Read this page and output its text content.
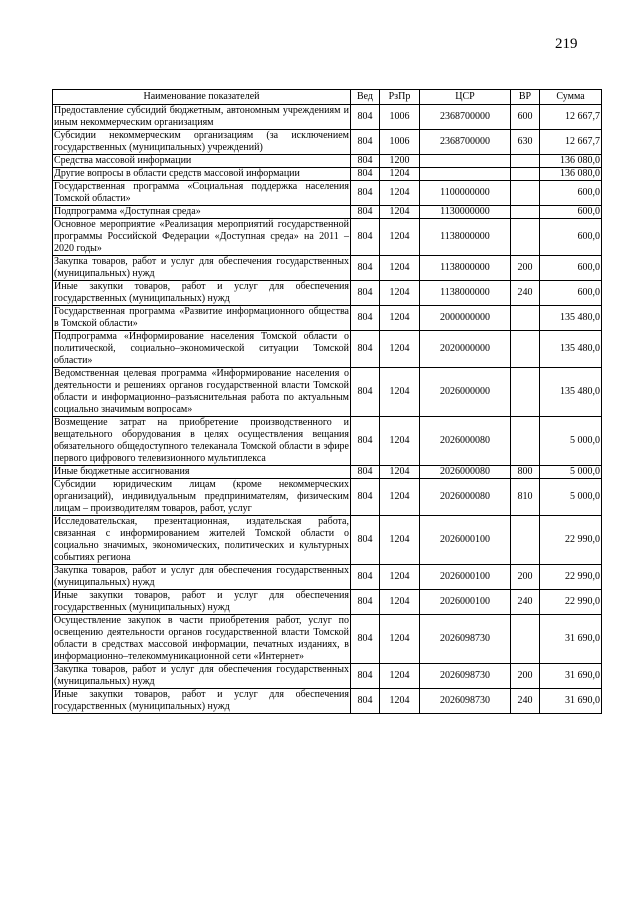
219
Наименование показателей	Вед	РзПр	ЦСР	ВР	Сумма
Предоставление субсидий бюджетным, автономным учреждениям и иным некоммерческим организациям	804	1006	2368700000	600	12 667,7
Субсидии некоммерческим организациям (за исключением государственных (муниципальных) учреждений)	804	1006	2368700000	630	12 667,7
Средства массовой информации	804	1200			136 080,0
Другие вопросы в области средств массовой информации	804	1204			136 080,0
Государственная программа «Социальная поддержка населения Томской области»	804	1204	1100000000		600,0
Подпрограмма «Доступная среда»	804	1204	1130000000		600,0
Основное мероприятие «Реализация мероприятий государственной программы Российской Федерации «Доступная среда» на 2011 – 2020 годы»	804	1204	1138000000		600,0
Закупка товаров, работ и услуг для обеспечения государственных (муниципальных) нужд	804	1204	1138000000	200	600,0
Иные закупки товаров, работ и услуг для обеспечения государственных (муниципальных) нужд	804	1204	1138000000	240	600,0
Государственная программа «Развитие информационного общества в Томской области»	804	1204	2000000000		135 480,0
Подпрограмма «Информирование населения Томской области о политической, социально–экономической ситуации Томской области»	804	1204	2020000000		135 480,0
Ведомственная целевая программа «Информирование населения о деятельности и решениях органов государственной власти Томской области и информационно–разъяснительная работа по актуальным социально значимым вопросам»	804	1204	2026000000		135 480,0
Возмещение затрат на приобретение производственного и вещательного оборудования в целях осуществления вещания обязательного общедоступного телеканала Томской области в эфире первого цифрового телевизионного мультиплекса	804	1204	2026000080		5 000,0
Иные бюджетные ассигнования	804	1204	2026000080	800	5 000,0
Субсидии юридическим лицам (кроме некоммерческих организаций), индивидуальным предпринимателям, физическим лицам – производителям товаров, работ, услуг	804	1204	2026000080	810	5 000,0
Исследовательская, презентационная, издательская работа, связанная с информированием жителей Томской области о социально значимых, экономических, политических и культурных событиях региона	804	1204	2026000100		22 990,0
Закупка товаров, работ и услуг для обеспечения государственных (муниципальных) нужд	804	1204	2026000100	200	22 990,0
Иные закупки товаров, работ и услуг для обеспечения государственных (муниципальных) нужд	804	1204	2026000100	240	22 990,0
Осуществление закупок в части приобретения работ, услуг по освещению деятельности органов государственной власти Томской области в средствах массовой информации, печатных изданиях, в информационно–телекоммуникационной сети «Интернет»	804	1204	2026098730		31 690,0
Закупка товаров, работ и услуг для обеспечения государственных (муниципальных) нужд	804	1204	2026098730	200	31 690,0
Иные закупки товаров, работ и услуг для обеспечения государственных (муниципальных) нужд	804	1204	2026098730	240	31 690,0
